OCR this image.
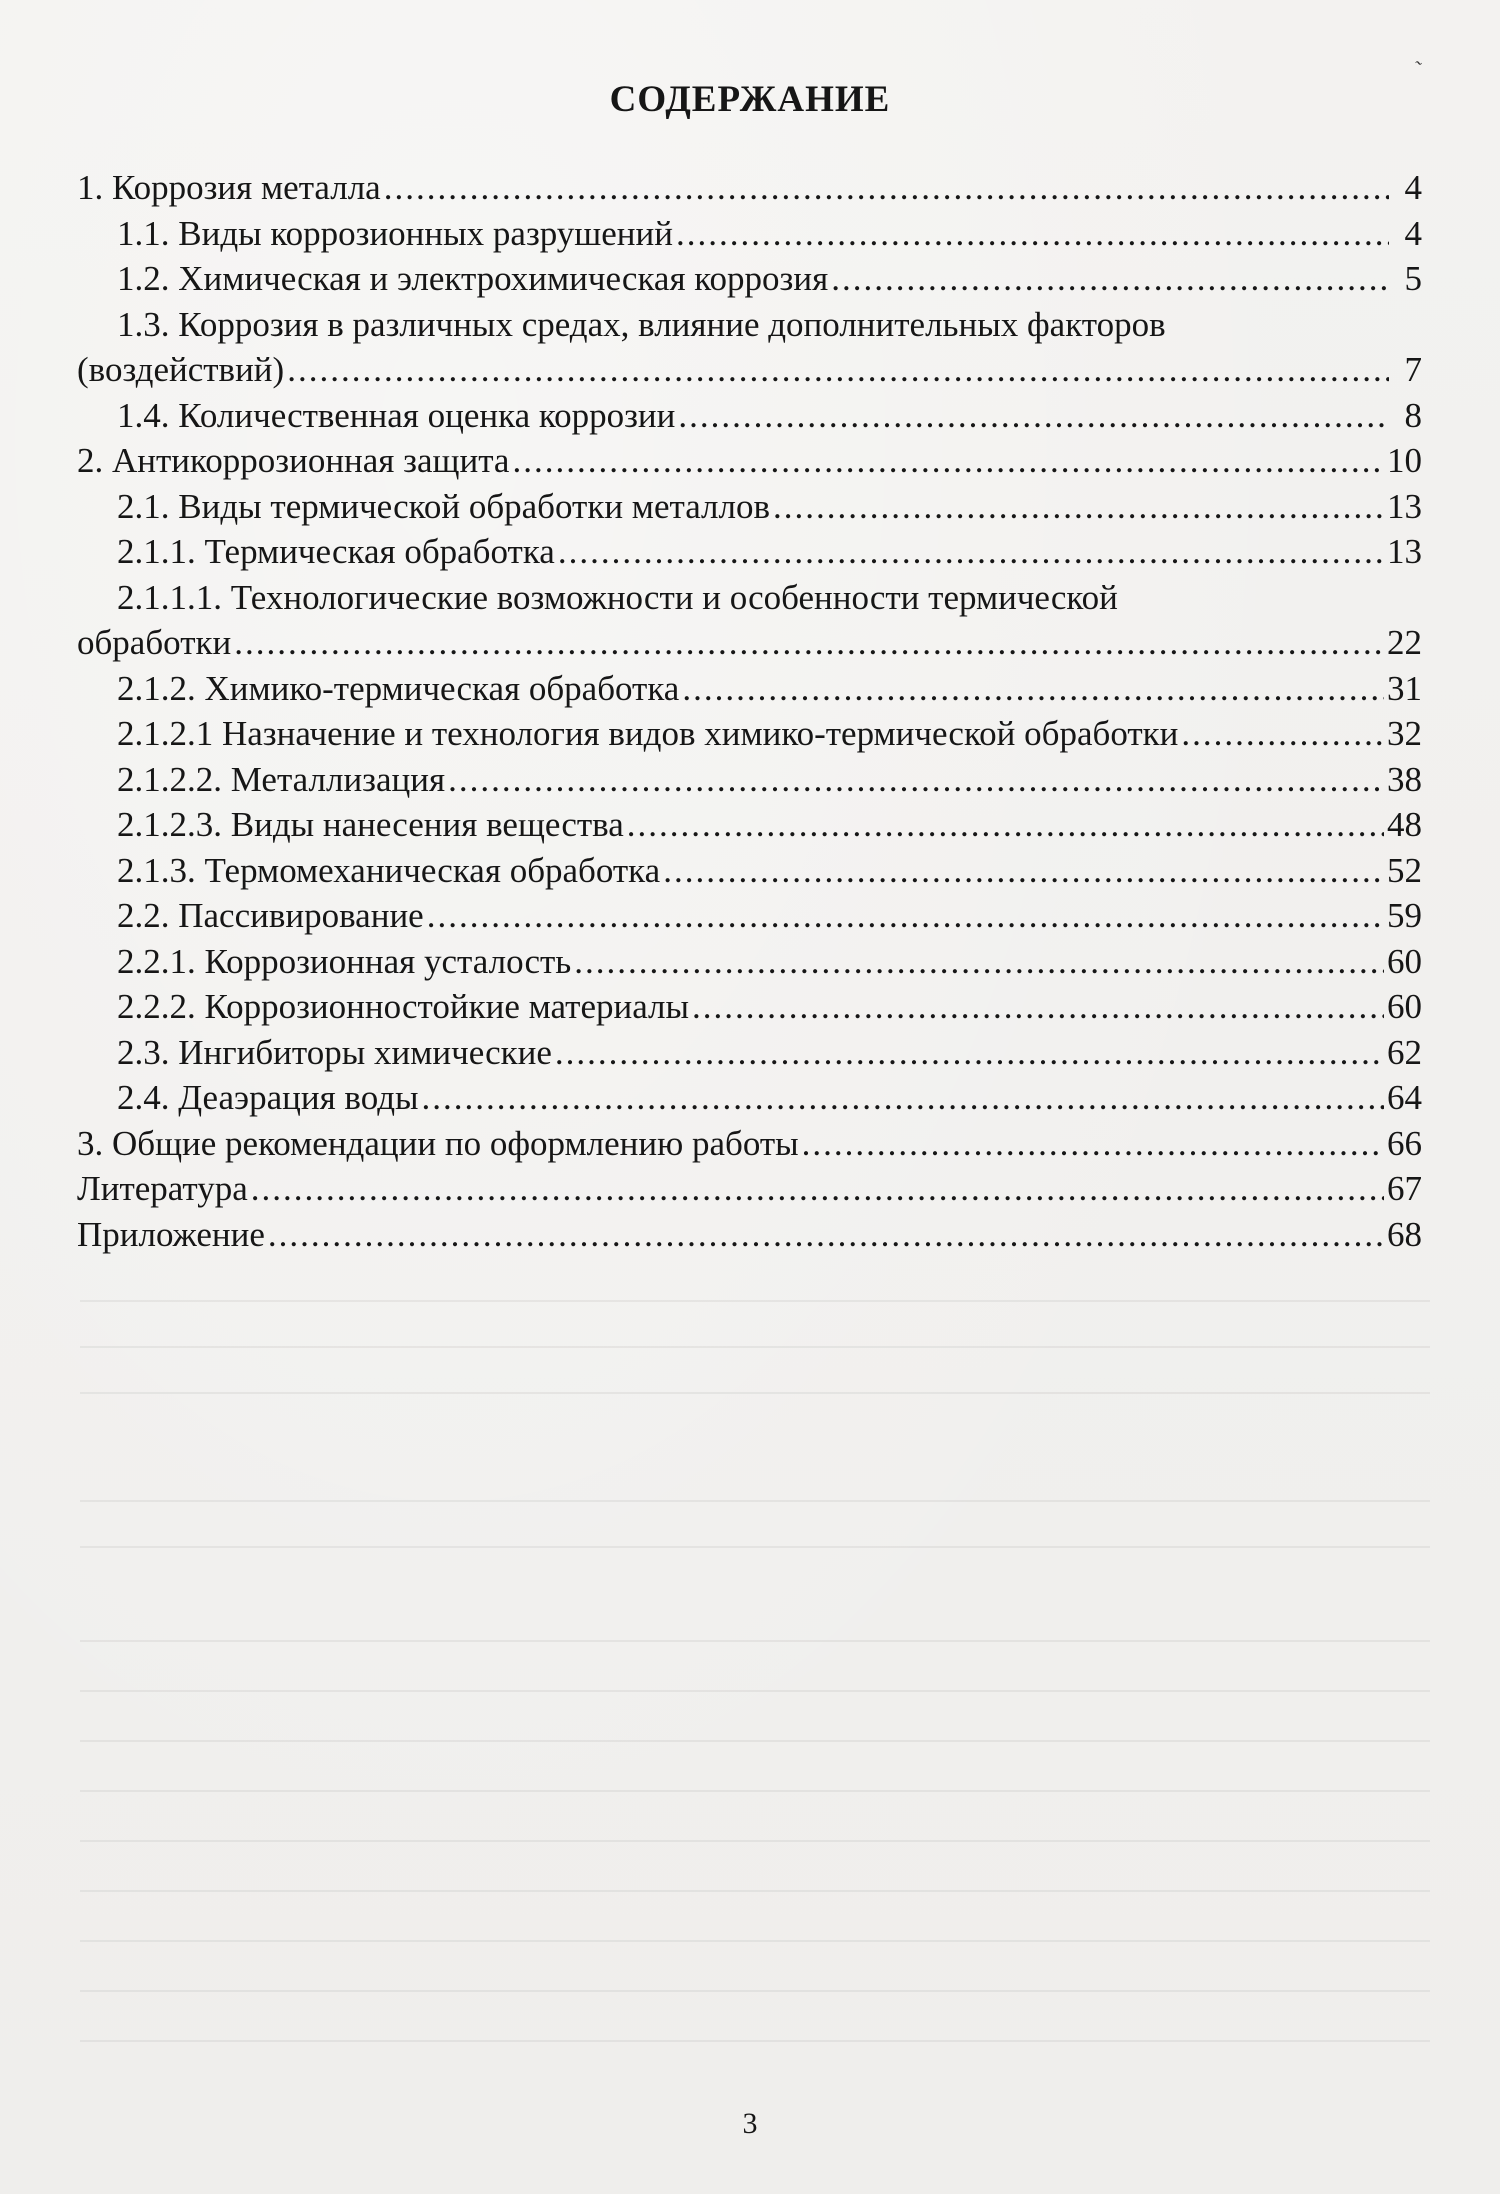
˷
СОДЕРЖАНИЕ
1. Коррозия металла .....	4
1.1. Виды коррозионных разрушений .....	4
1.2. Химическая и электрохимическая коррозия .....	5
1.3. Коррозия в различных средах, влияние дополнительных факторов
(воздействий) .....	7
1.4. Количественная оценка коррозии .....	8
2. Антикоррозионная защита .....	10
2.1. Виды термической обработки металлов .....	13
2.1.1. Термическая обработка .....	13
2.1.1.1. Технологические возможности и особенности термической
обработки .....	22
2.1.2. Химико-термическая обработка .....	31
2.1.2.1 Назначение и технология видов химико-термической обработки .....	32
2.1.2.2. Металлизация .....	38
2.1.2.3. Виды нанесения вещества .....	48
2.1.3. Термомеханическая обработка .....	52
2.2. Пассивирование .....	59
2.2.1. Коррозионная усталость .....	60
2.2.2. Коррозионностойкие материалы .....	60
2.3. Ингибиторы химические .....	62
2.4. Деаэрация воды .....	64
3. Общие рекомендации по оформлению работы .....	66
Литература .....	67
Приложение .....	68
3
